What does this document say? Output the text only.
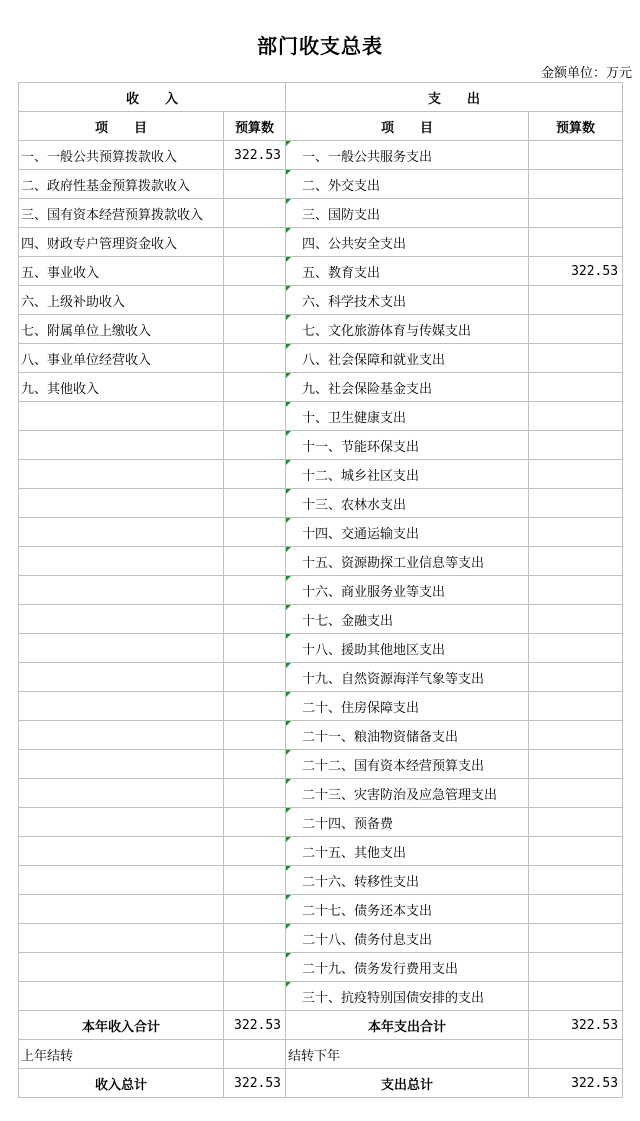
部门收支总表
金额单位：万元
收　　入		支　　出	
项　　目	预算数	项　　目	预算数
一、一般公共预算拨款收入	322.53	一、一般公共服务支出

二、政府性基金预算拨款收入		二、外交支出

三、国有资本经营预算拨款收入		三、国防支出

四、财政专户管理资金收入		四、公共安全支出

五、事业收入		五、教育支出	322.53
六、上级补助收入		六、科学技术支出

七、附属单位上缴收入		七、文化旅游体育与传媒支出

八、事业单位经营收入		八、社会保障和就业支出

九、其他收入		九、社会保险基金支出

		十、卫生健康支出

		十一、节能环保支出

		十二、城乡社区支出

		十三、农林水支出

		十四、交通运输支出

		十五、资源勘探工业信息等支出

		十六、商业服务业等支出

		十七、金融支出

		十八、援助其他地区支出

		十九、自然资源海洋气象等支出

		二十、住房保障支出

		二十一、粮油物资储备支出

		二十二、国有资本经营预算支出

		二十三、灾害防治及应急管理支出

		二十四、预备费

		二十五、其他支出

		二十六、转移性支出

		二十七、债务还本支出

		二十八、债务付息支出

		二十九、债务发行费用支出

		三十、抗疫特别国债安排的支出

本年收入合计	322.53	本年支出合计	322.53
上年结转		结转下年	
收入总计	322.53	支出总计	322.53
